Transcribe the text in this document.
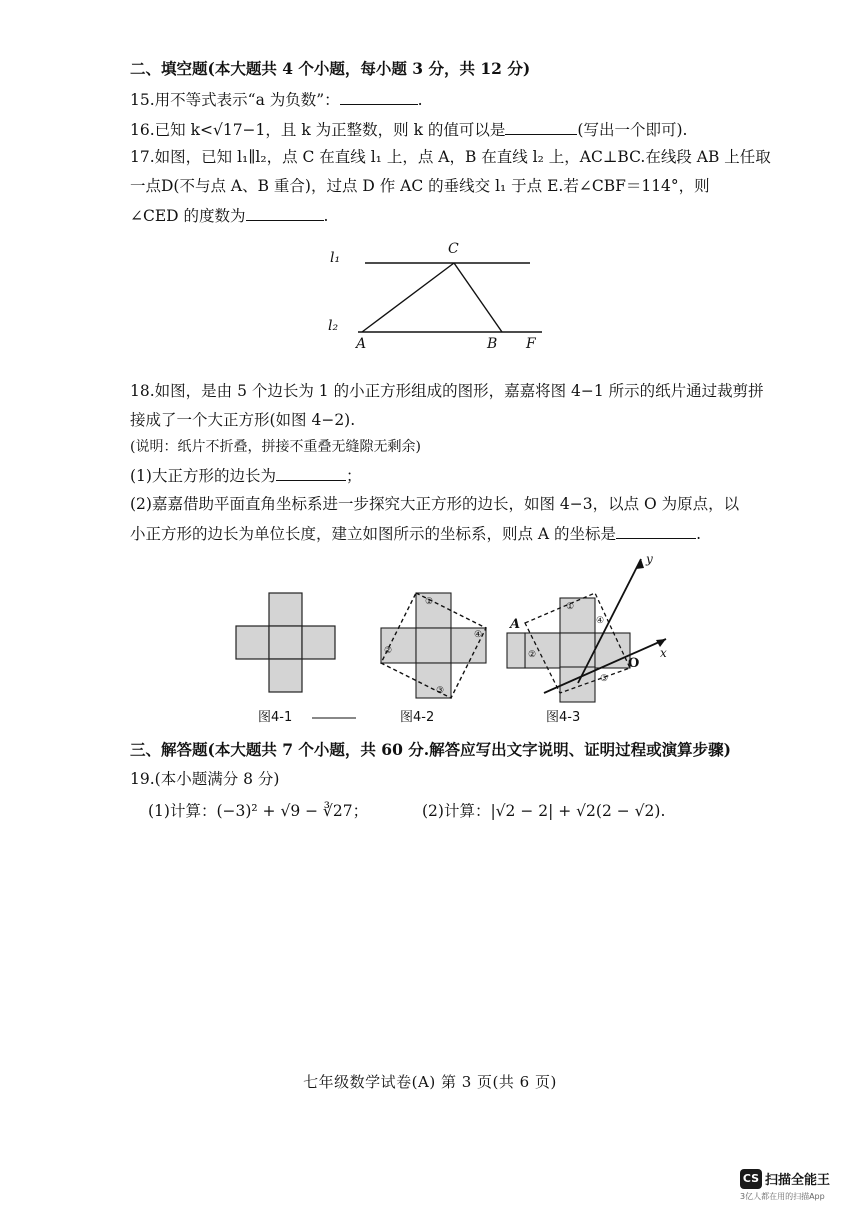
二、填空题(本大题共 4 个小题，每小题 3 分，共 12 分)
15.用不等式表示“a 为负数”：	.
16.已知 k<√17−1，且 k 为正整数，则 k 的值可以是	(写出一个即可).
17.如图，已知 l₁∥l₂，点 C 在直线 l₁ 上，点 A，B 在直线 l₂ 上，AC⊥BC.在线段 AB 上任取
一点D(不与点 A、B 重合)，过点 D 作 AC 的垂线交 l₁ 于点 E.若∠CBF＝114°，则
∠CED 的度数为	.
l₁
l₂
C
A	B F
18.如图，是由 5 个边长为 1 的小正方形组成的图形，嘉嘉将图 4−1 所示的纸片通过裁剪拼
接成了一个大正方形(如图 4−2).
(说明：纸片不折叠，拼接不重叠无缝隙无剩余)
(1)大正方形的边长为	；
(2)嘉嘉借助平面直角坐标系进一步探究大正方形的边长，如图 4−3，以点 O 为原点，以
小正方形的边长为单位长度，建立如图所示的坐标系，则点 A 的坐标是	.
①
②
③
④
y
x
O
A
①
②
③
④
图4-1	图4-2	图4-3
三、解答题(本大题共 7 个小题，共 60 分.解答应写出文字说明、证明过程或演算步骤)
19.(本小题满分 8 分)
(1)计算：(−3)² + √9 − ∛27；	(2)计算：|√2 − 2| + √2(2 − √2).
七年级数学试卷(A) 第 3 页(共 6 页)
CS 扫描全能王
3亿人都在用的扫描App
